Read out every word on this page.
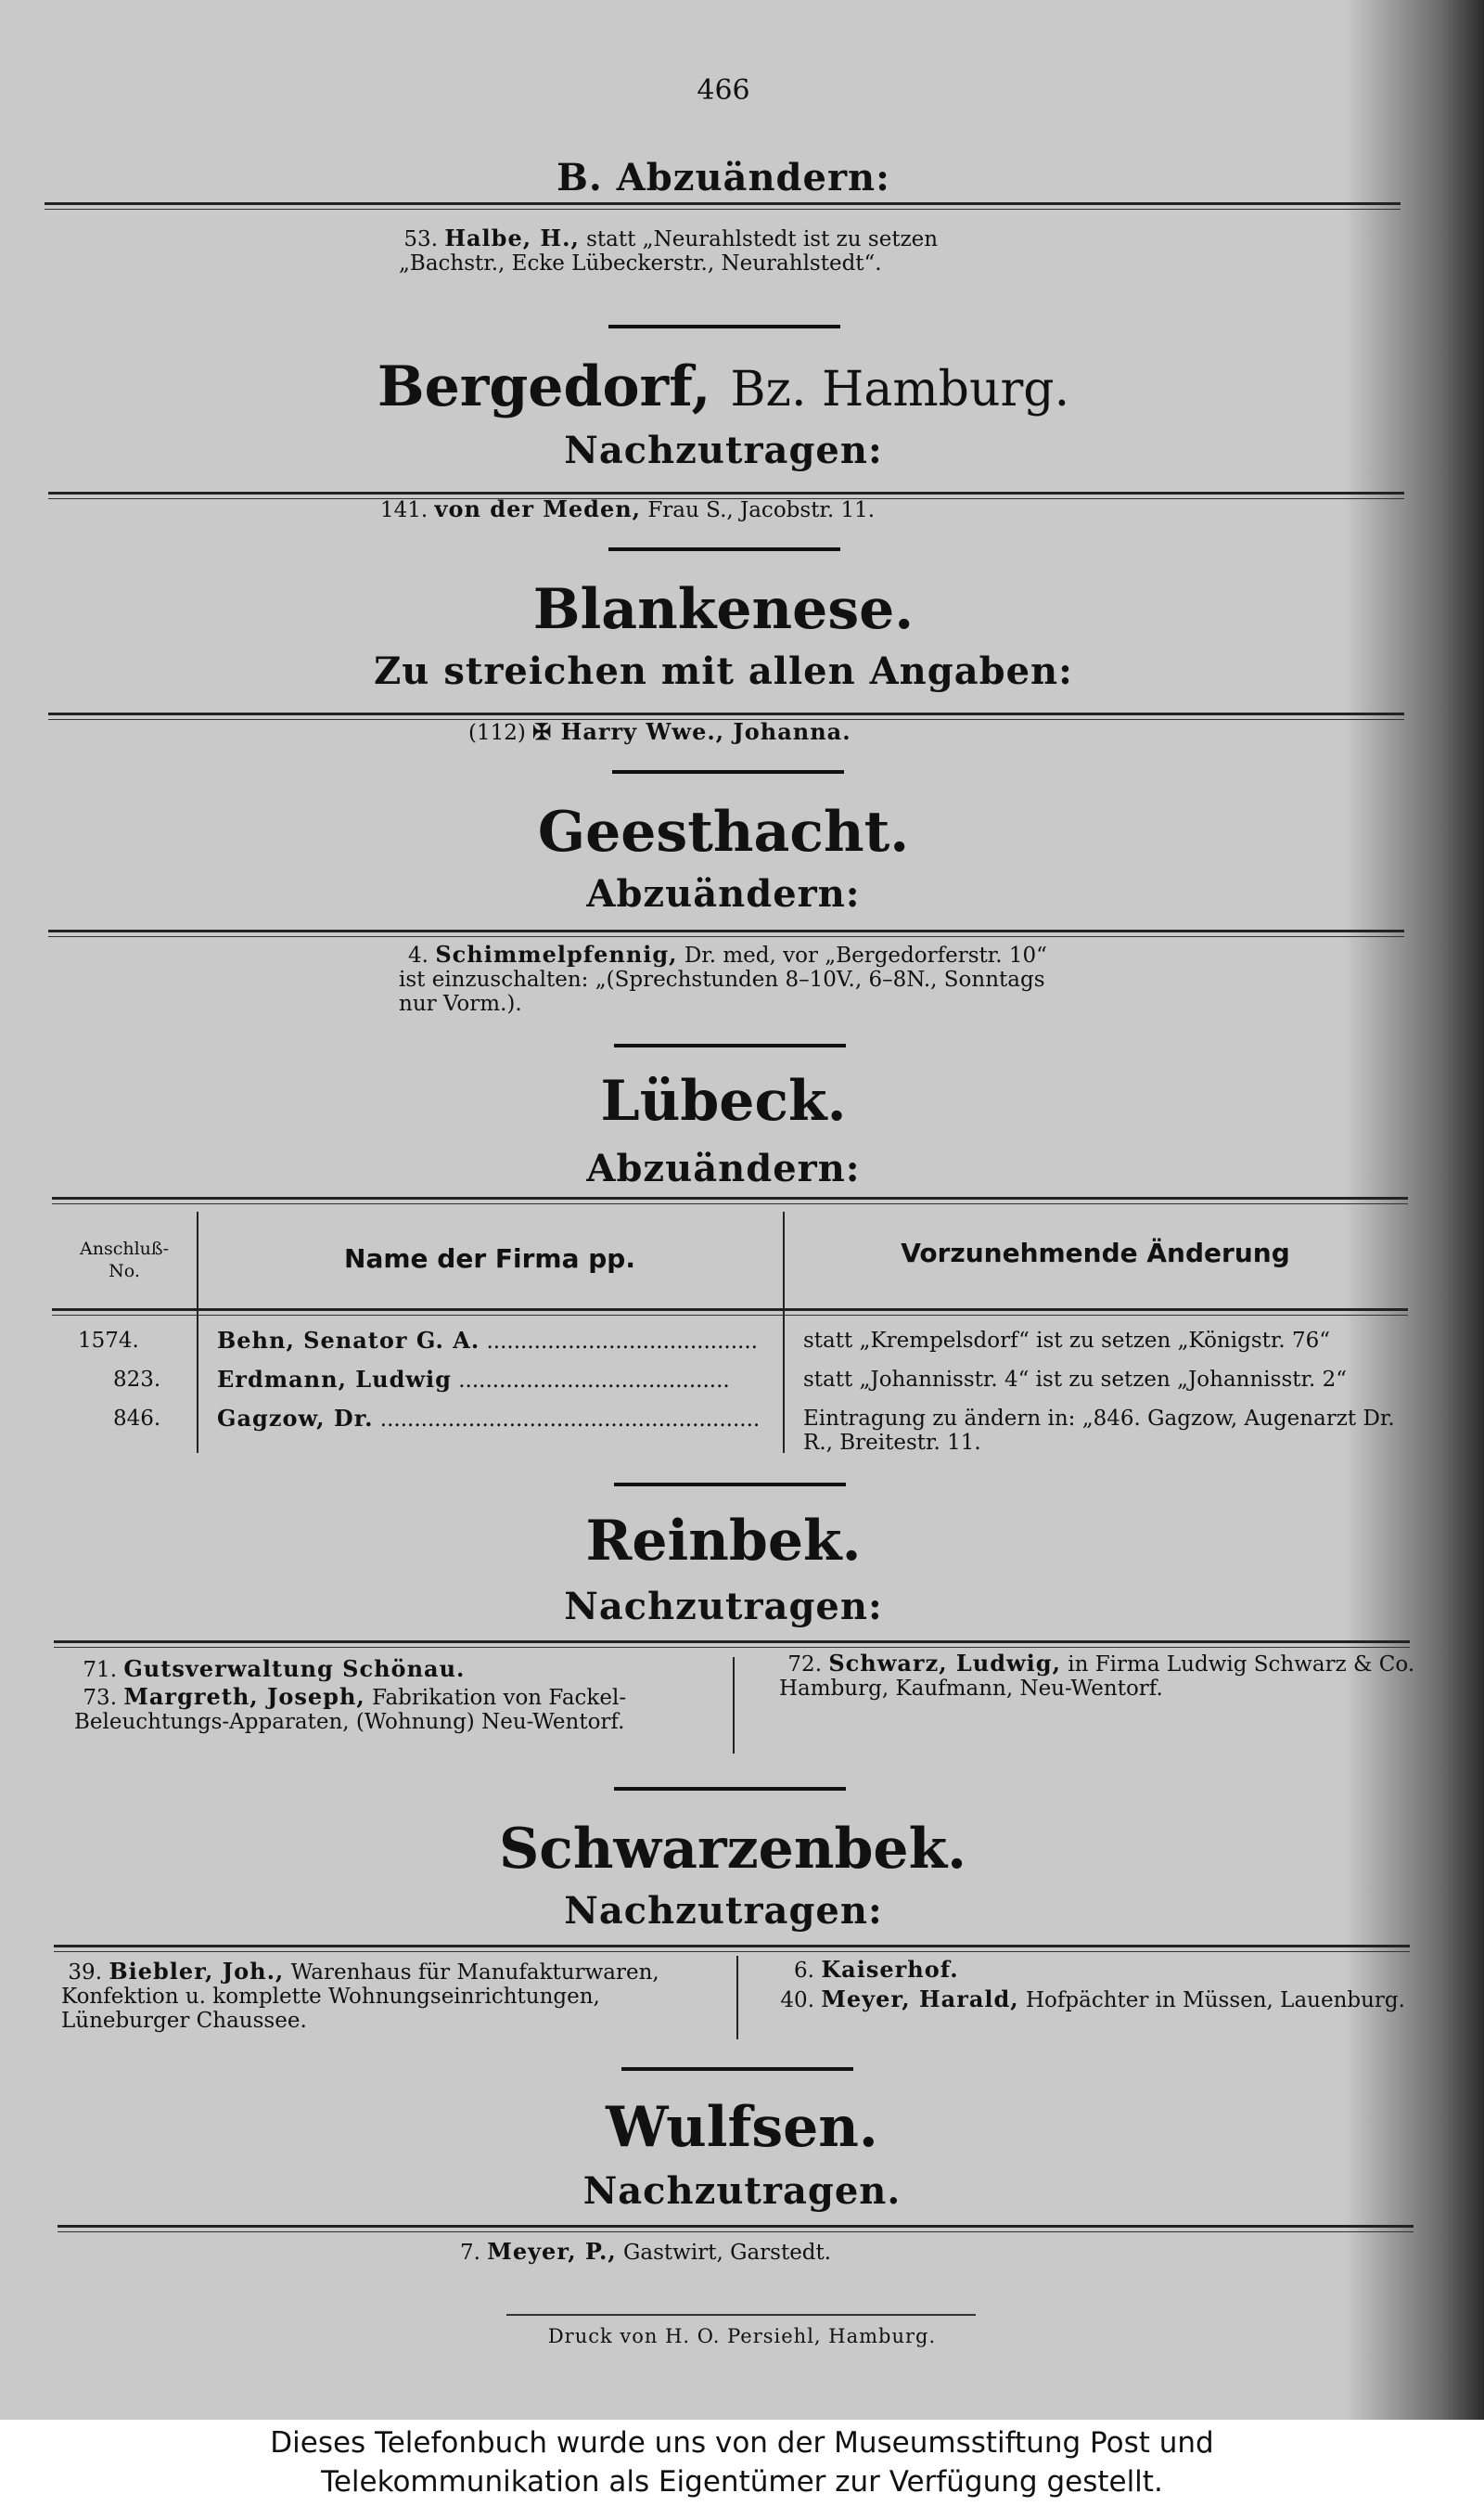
466
B. Abzuändern:
53. Halbe, H., statt „Neurahlstedt ist zu setzen „Bachstr., Ecke Lübeckerstr., Neurahlstedt“.
Bergedorf, Bz. Hamburg.
Nachzutragen:
141. von der Meden, Frau S., Jacobstr. 11.
Blankenese.
Zu streichen mit allen Angaben:
(112) ✠ Harry Wwe., Johanna.
Geesthacht.
Abzuändern:
4. Schimmelpfennig, Dr. med, vor „Bergedorferstr. 10“ ist einzuschalten: „(Sprechstunden 8–10V., 6–8N., Sonntags nur Vorm.).
Lübeck.
Abzuändern:
Anschluß-
No.	Name der Firma pp.	Vorzunehmende Änderung
1574.	Behn, Senator G. A. ........................................	statt „Krempelsdorf“ ist zu setzen „Königstr. 76“
823.	Erdmann, Ludwig ........................................	statt „Johannisstr. 4“ ist zu setzen „Johannisstr. 2“
846.	Gagzow, Dr. ........................................................	Eintragung zu ändern in: „846. Gagzow, Augenarzt Dr. R., Breitestr. 11.
Reinbek.
Nachzutragen:
71. Gutsverwaltung Schönau.
73. Margreth, Joseph, Fabrikation von Fackel-Beleuchtungs-Apparaten, (Wohnung) Neu-Wentorf.
72. Schwarz, Ludwig, in Firma Ludwig Schwarz & Co. Hamburg, Kaufmann, Neu-Wentorf.
Schwarzenbek.
Nachzutragen:
39. Biebler, Joh., Warenhaus für Manufakturwaren, Konfektion u. komplette Wohnungseinrichtungen, Lüneburger Chaussee.
6. Kaiserhof.
40. Meyer, Harald, Hofpächter in Müssen, Lauenburg.
Wulfsen.
Nachzutragen.
7. Meyer, P., Gastwirt, Garstedt.
Druck von H. O. Persiehl, Hamburg.
Dieses Telefonbuch wurde uns von der Museumsstiftung Post und
Telekommunikation als Eigentümer zur Verfügung gestellt.
